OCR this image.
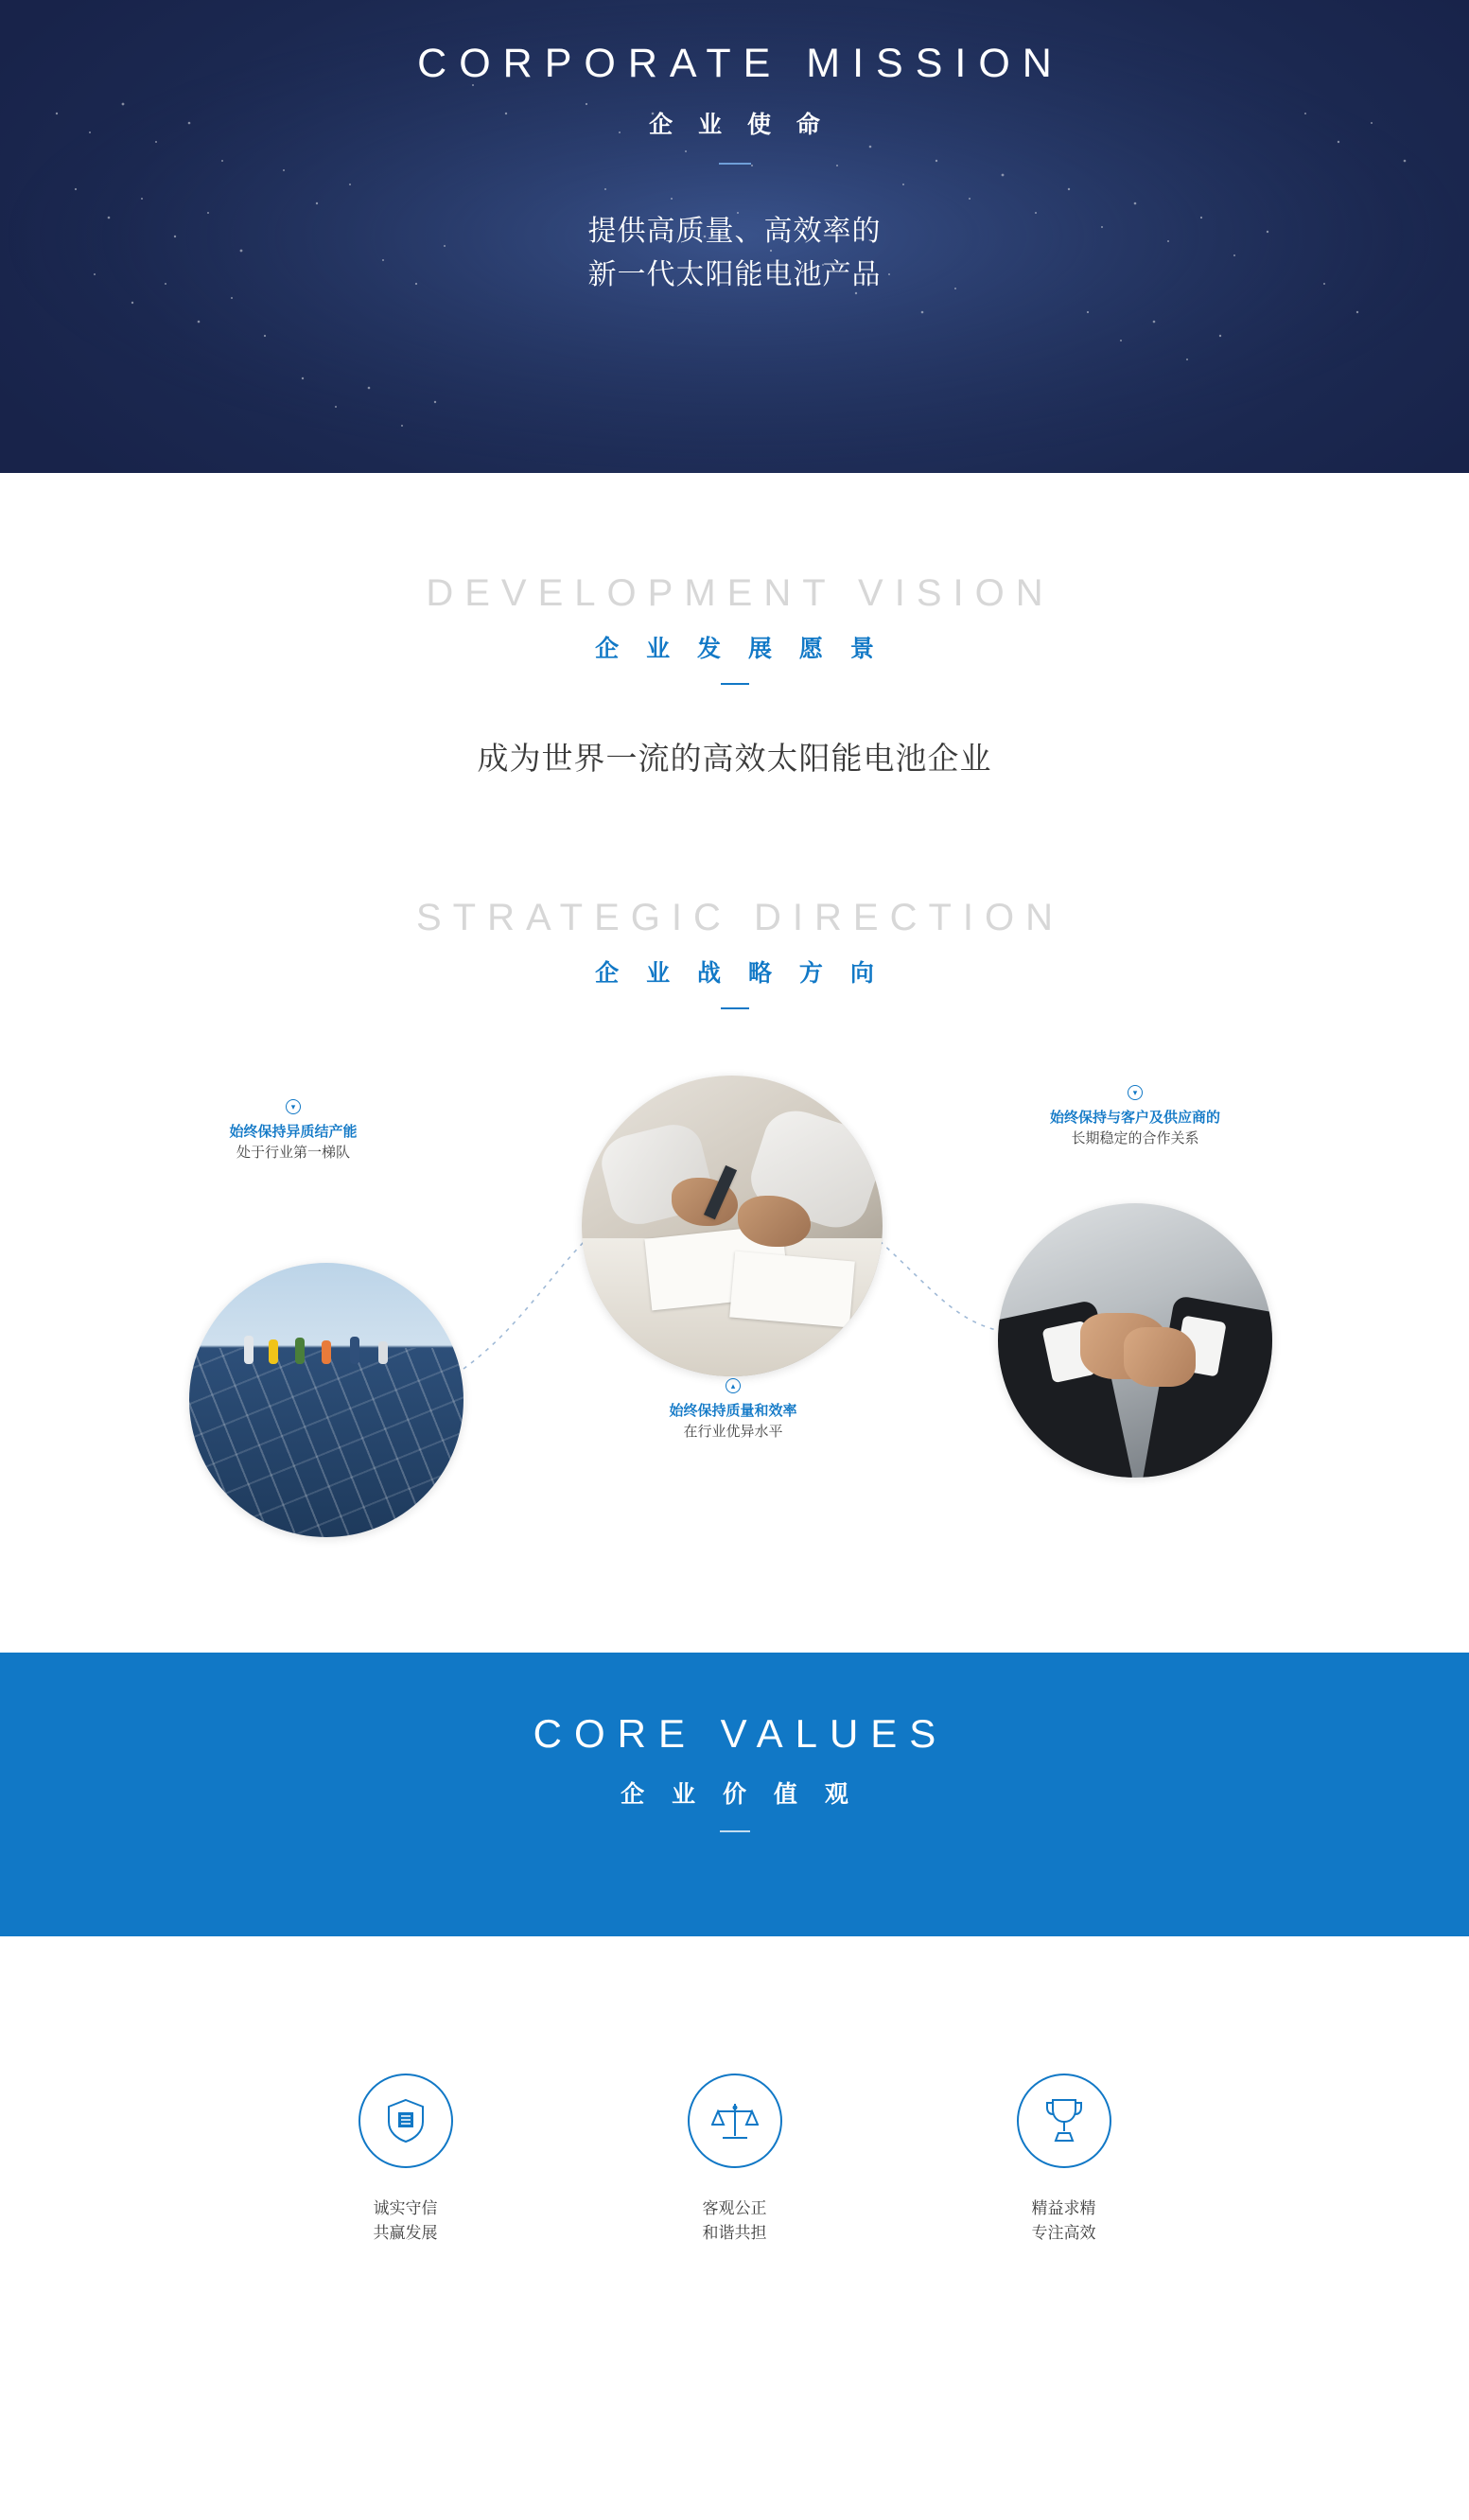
CORPORATE MISSION
企 业 使 命
提供高质量、高效率的
新一代太阳能电池产品
DEVELOPMENT VISION
企 业 发 展 愿 景
成为世界一流的高效太阳能电池企业
STRATEGIC DIRECTION
企 业 战 略 方 向
▾
始终保持异质结产能
处于行业第一梯队
▾
始终保持与客户及供应商的
长期稳定的合作关系
▴
始终保持质量和效率
在行业优异水平
CORE VALUES
企 业 价 值 观
诚实守信
共赢发展
客观公正
和谐共担
精益求精
专注高效
